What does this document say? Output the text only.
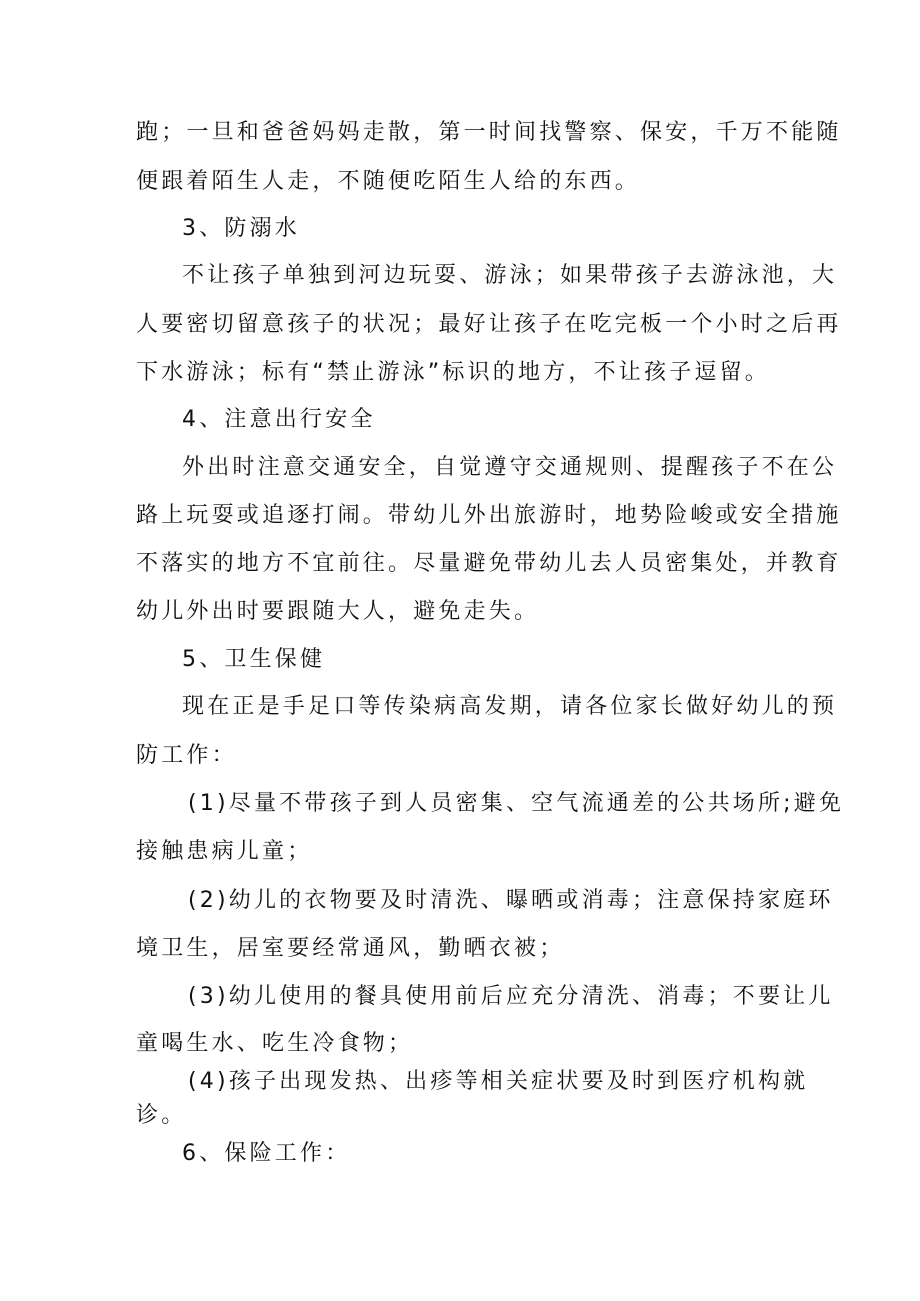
跑；一旦和爸爸妈妈走散，第一时间找警察、保安，千万不能随
便跟着陌生人走，不随便吃陌生人给的东西。
3、防溺水
不让孩子单独到河边玩耍、游泳；如果带孩子去游泳池，大
人要密切留意孩子的状况；最好让孩子在吃完板一个小时之后再
下水游泳；标有“禁止游泳”标识的地方，不让孩子逗留。
4、注意出行安全
外出时注意交通安全，自觉遵守交通规则、提醒孩子不在公
路上玩耍或追逐打闹。带幼儿外出旅游时，地势险峻或安全措施
不落实的地方不宜前往。尽量避免带幼儿去人员密集处，并教育
幼儿外出时要跟随大人，避免走失。
5、卫生保健
现在正是手足口等传染病高发期，请各位家长做好幼儿的预
防工作：
(1)尽量不带孩子到人员密集、空气流通差的公共场所;避免
接触患病儿童；
(2)幼儿的衣物要及时清洗、曝晒或消毒；注意保持家庭环
境卫生，居室要经常通风，勤晒衣被；
(3)幼儿使用的餐具使用前后应充分清洗、消毒；不要让儿
童喝生水、吃生冷食物；
(4)孩子出现发热、出疹等相关症状要及时到医疗机构就
诊。
6、保险工作：
